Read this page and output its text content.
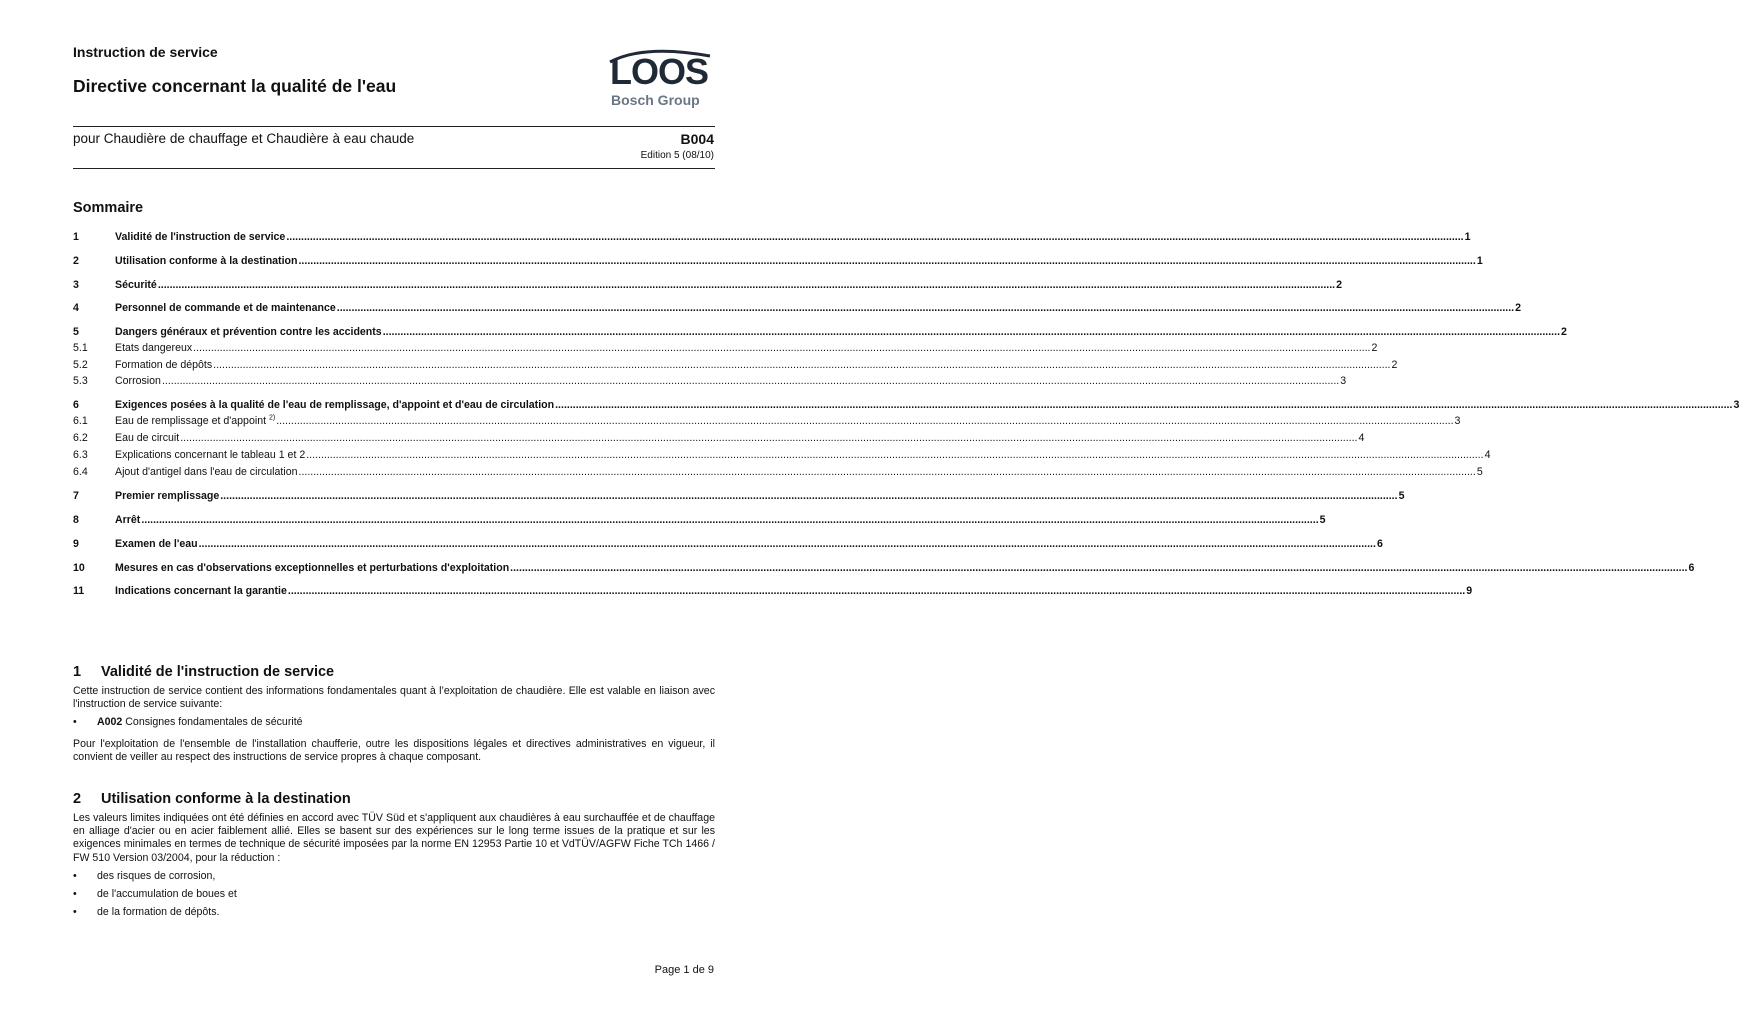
Instruction de service
Directive concernant la qualité de l'eau	LOOS
Bosch Group
pour Chaudière de chauffage et Chaudière à eau chaude	B004
Edition 5 (08/10)
Sommaire
1	Validité de l'instruction de service ................................................................................................................................................................................................................................................................................................................................................................................................................ 1
2	Utilisation conforme à la destination ................................................................................................................................................................................................................................................................................................................................................................................................................ 1
3	Sécurité ................................................................................................................................................................................................................................................................................................................................................................................................................ 2
4	Personnel de commande et de maintenance ................................................................................................................................................................................................................................................................................................................................................................................................................ 2
5	Dangers généraux et prévention contre les accidents ................................................................................................................................................................................................................................................................................................................................................................................................................ 2
5.1	Etats dangereux ................................................................................................................................................................................................................................................................................................................................................................................................................ 2
5.2	Formation de dépôts ................................................................................................................................................................................................................................................................................................................................................................................................................ 2
5.3	Corrosion ................................................................................................................................................................................................................................................................................................................................................................................................................ 3
6	Exigences posées à la qualité de l'eau de remplissage, d'appoint et d'eau de circulation ................................................................................................................................................................................................................................................................................................................................................................................................................ 3
6.1	Eau de remplissage et d'appoint $^{2)}$ ................................................................................................................................................................................................................................................................................................................................................................................................................ 3
6.2	Eau de circuit ................................................................................................................................................................................................................................................................................................................................................................................................................ 4
6.3	Explications concernant le tableau 1 et 2 ................................................................................................................................................................................................................................................................................................................................................................................................................ 4
6.4	Ajout d'antigel dans l'eau de circulation ................................................................................................................................................................................................................................................................................................................................................................................................................ 5
7	Premier remplissage ................................................................................................................................................................................................................................................................................................................................................................................................................ 5
8	Arrêt ................................................................................................................................................................................................................................................................................................................................................................................................................ 5
9	Examen de l'eau ................................................................................................................................................................................................................................................................................................................................................................................................................ 6
10	Mesures en cas d'observations exceptionnelles et perturbations d'exploitation ................................................................................................................................................................................................................................................................................................................................................................................................................ 6
11	Indications concernant la garantie ................................................................................................................................................................................................................................................................................................................................................................................................................ 9
1 Validité de l'instruction de service
Cette instruction de service contient des informations fondamentales quant à l’exploitation de chaudière. Elle est valable en liaison avec l'instruction de service suivante:
• A002 Consignes fondamentales de sécurité
Pour l'exploitation de l'ensemble de l'installation chaufferie, outre les dispositions légales et directives administratives en vigueur, il convient de veiller au respect des instructions de service propres à chaque composant.
2 Utilisation conforme à la destination
Les valeurs limites indiquées ont été définies en accord avec TÜV Süd et s'appliquent aux chaudières à eau surchauffée et de chauffage en alliage d'acier ou en acier faiblement allié. Elles se basent sur des expériences sur le long terme issues de la pratique et sur les exigences minimales en termes de technique de sécurité imposées par la norme EN 12953 Partie 10 et VdTÜV/AGFW Fiche TCh 1466 / FW 510 Version 03/2004, pour la réduction :
• des risques de corrosion,
• de l'accumulation de boues et
• de la formation de dépôts.
Page 1 de 9
